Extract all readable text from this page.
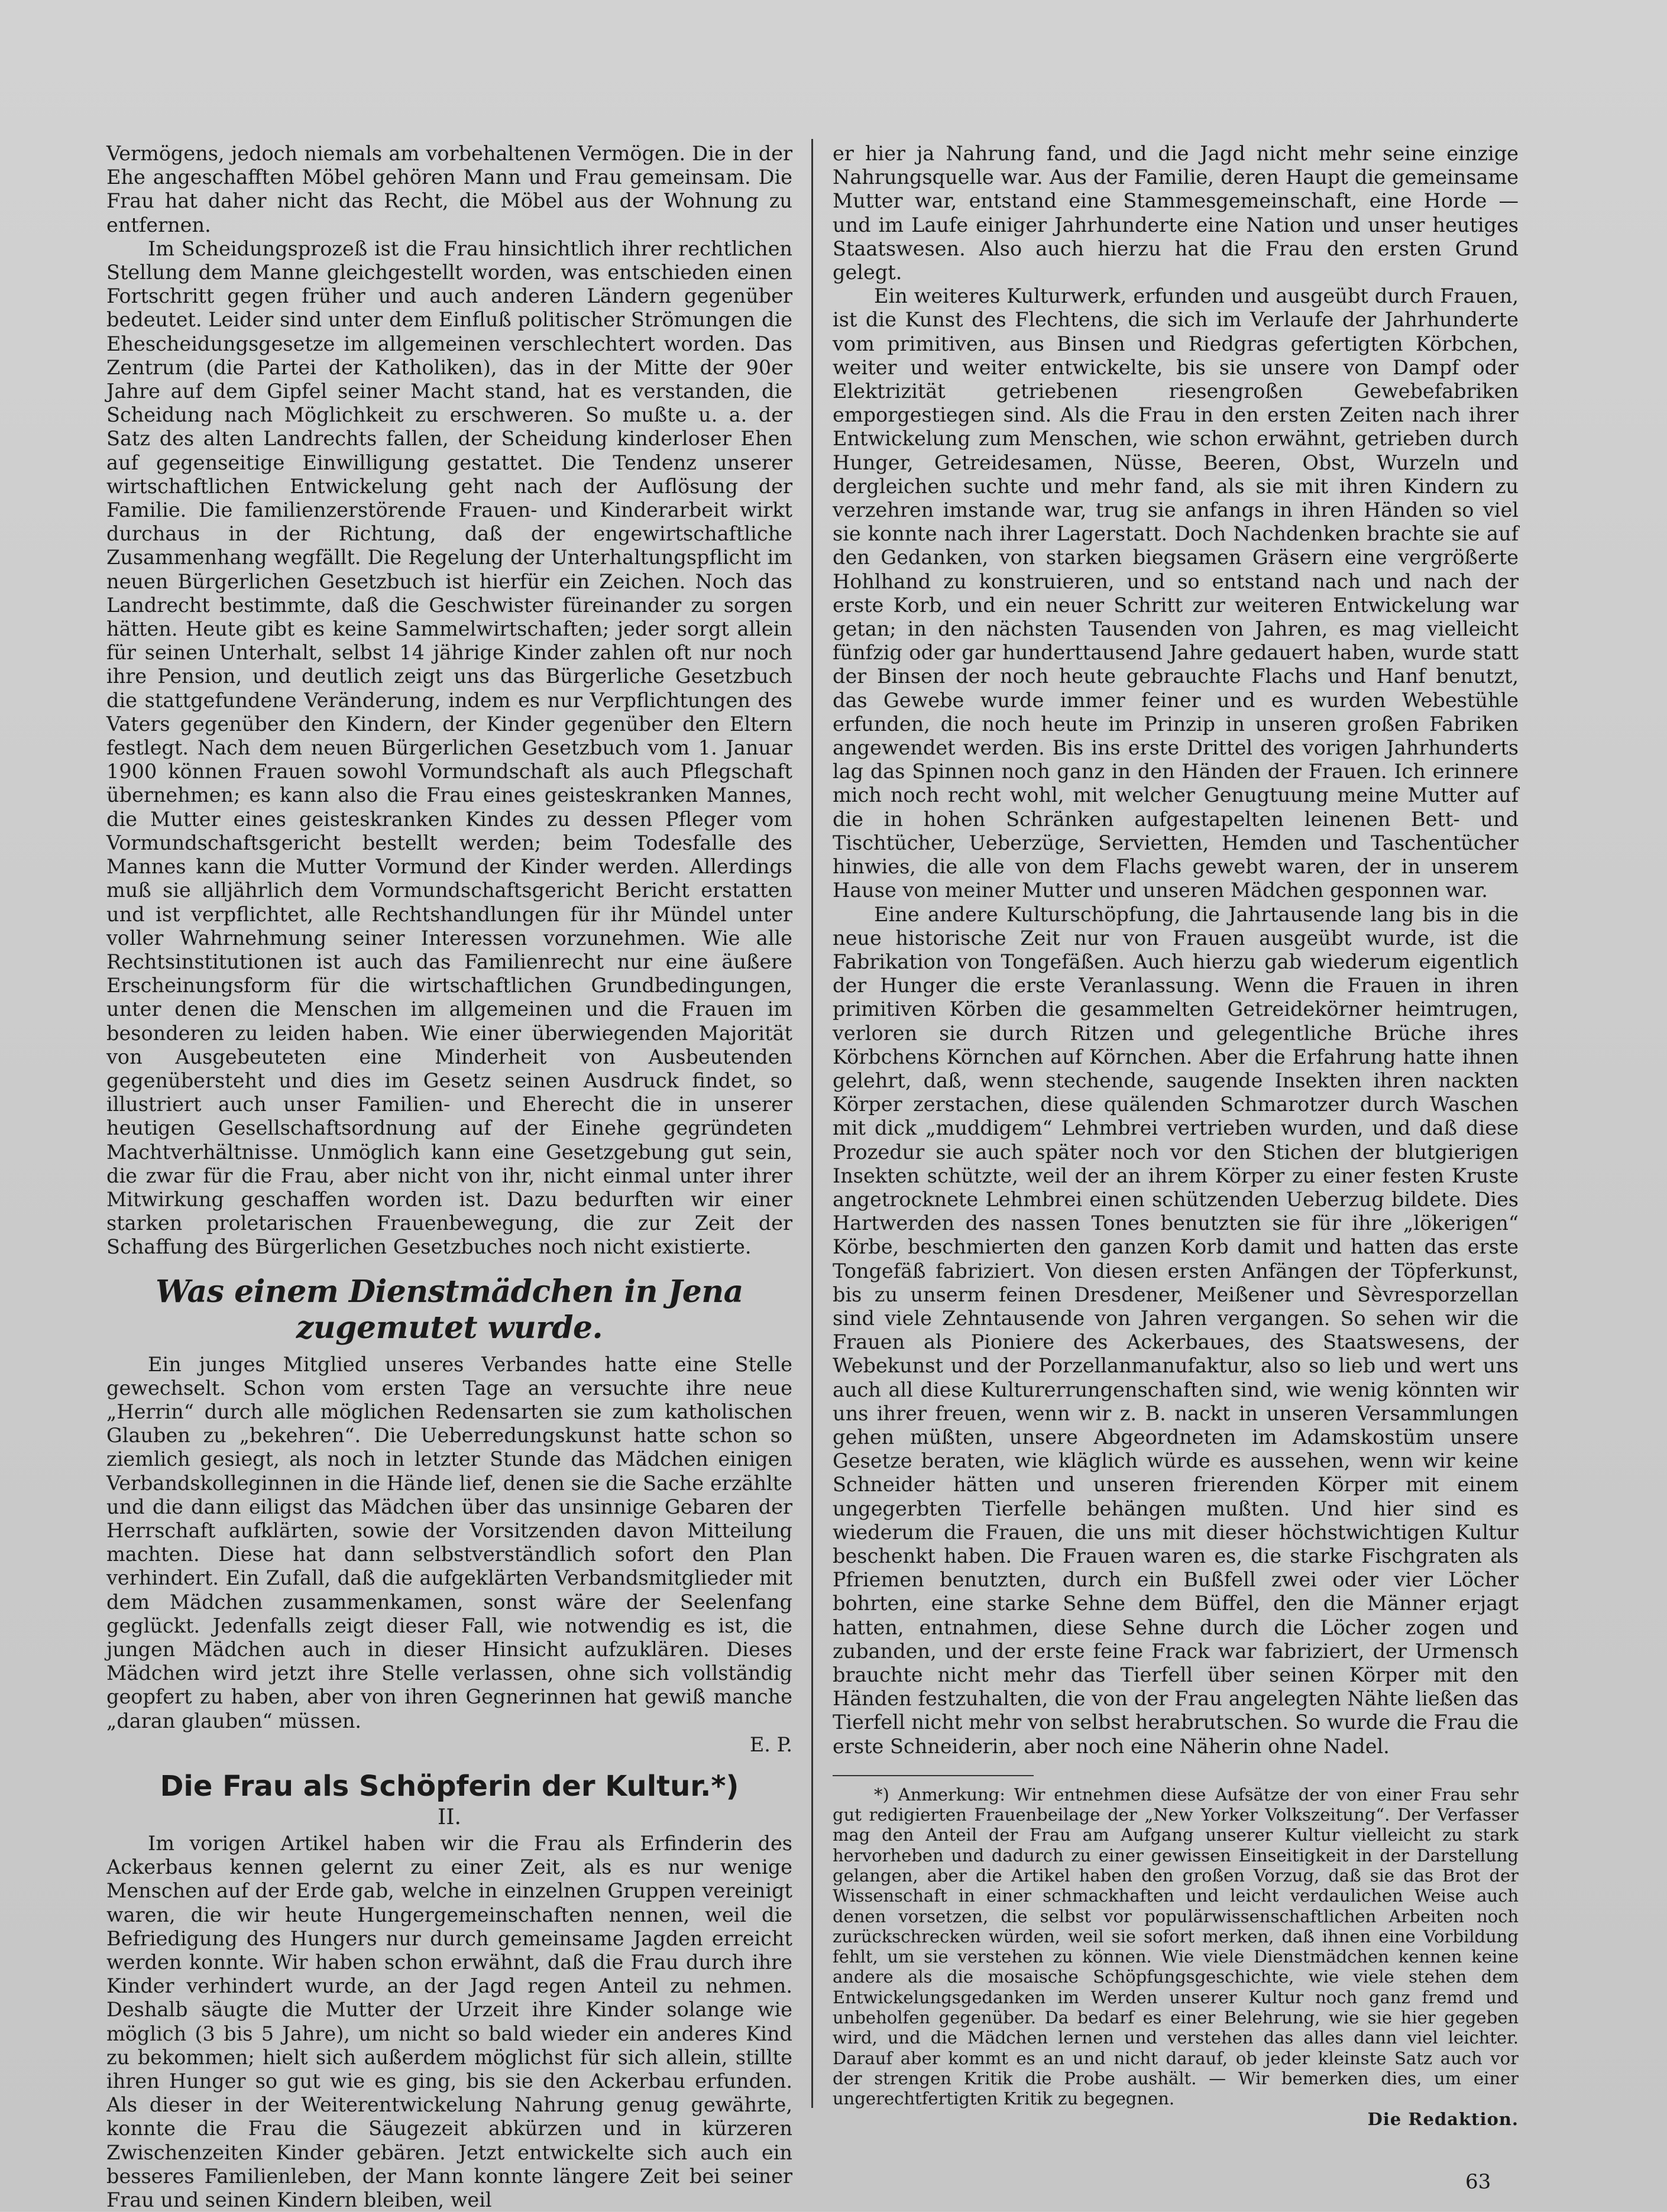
Vermögens, jedoch niemals am vorbehaltenen Vermögen. Die in der Ehe angeschafften Möbel gehören Mann und Frau gemeinsam. Die Frau hat daher nicht das Recht, die Möbel aus der Wohnung zu entfernen.

Im Scheidungsprozeß ist die Frau hinsichtlich ihrer rechtlichen Stellung dem Manne gleichgestellt worden, was entschieden einen Fortschritt gegen früher und auch anderen Ländern gegenüber bedeutet. Leider sind unter dem Einfluß politischer Strömungen die Ehescheidungsgesetze im allgemeinen verschlechtert worden. Das Zentrum (die Partei der Katholiken), das in der Mitte der 90er Jahre auf dem Gipfel seiner Macht stand, hat es verstanden, die Scheidung nach Möglichkeit zu erschweren. So mußte u. a. der Satz des alten Landrechts fallen, der Scheidung kinderloser Ehen auf gegenseitige Einwilligung gestattet. Die Tendenz unserer wirtschaftlichen Entwickelung geht nach der Auflösung der Familie. Die familienzerstörende Frauen- und Kinderarbeit wirkt durchaus in der Richtung, daß der engewirtschaftliche Zusammenhang wegfällt. Die Regelung der Unterhaltungspflicht im neuen Bürgerlichen Gesetzbuch ist hierfür ein Zeichen. Noch das Landrecht bestimmte, daß die Geschwister füreinander zu sorgen hätten. Heute gibt es keine Sammelwirtschaften; jeder sorgt allein für seinen Unterhalt, selbst 14 jährige Kinder zahlen oft nur noch ihre Pension, und deutlich zeigt uns das Bürgerliche Gesetzbuch die stattgefundene Veränderung, indem es nur Verpflichtungen des Vaters gegenüber den Kindern, der Kinder gegenüber den Eltern festlegt. Nach dem neuen Bürgerlichen Gesetzbuch vom 1. Januar 1900 können Frauen sowohl Vormundschaft als auch Pflegschaft übernehmen; es kann also die Frau eines geisteskranken Mannes, die Mutter eines geisteskranken Kindes zu dessen Pfleger vom Vormundschaftsgericht bestellt werden; beim Todesfalle des Mannes kann die Mutter Vormund der Kinder werden. Allerdings muß sie alljährlich dem Vormundschaftsgericht Bericht erstatten und ist verpflichtet, alle Rechtshandlungen für ihr Mündel unter voller Wahrnehmung seiner Interessen vorzunehmen. Wie alle Rechtsinstitutionen ist auch das Familienrecht nur eine äußere Erscheinungsform für die wirtschaftlichen Grundbedingungen, unter denen die Menschen im allgemeinen und die Frauen im besonderen zu leiden haben. Wie einer überwiegenden Majorität von Ausgebeuteten eine Minderheit von Ausbeutenden gegenübersteht und dies im Gesetz seinen Ausdruck findet, so illustriert auch unser Familien- und Eherecht die in unserer heutigen Gesellschaftsordnung auf der Einehe gegründeten Machtverhältnisse. Unmöglich kann eine Gesetzgebung gut sein, die zwar für die Frau, aber nicht von ihr, nicht einmal unter ihrer Mitwirkung geschaffen worden ist. Dazu bedurften wir einer starken proletarischen Frauenbewegung, die zur Zeit der Schaffung des Bürgerlichen Gesetzbuches noch nicht existierte.

Was einem Dienstmädchen in Jena zugemutet wurde.

Ein junges Mitglied unseres Verbandes hatte eine Stelle gewechselt. Schon vom ersten Tage an versuchte ihre neue „Herrin“ durch alle möglichen Redensarten sie zum katholischen Glauben zu „bekehren“. Die Ueberredungskunst hatte schon so ziemlich gesiegt, als noch in letzter Stunde das Mädchen einigen Verbandskolleginnen in die Hände lief, denen sie die Sache erzählte und die dann eiligst das Mädchen über das unsinnige Gebaren der Herrschaft aufklärten, sowie der Vorsitzenden davon Mitteilung machten. Diese hat dann selbstverständlich sofort den Plan verhindert. Ein Zufall, daß die aufgeklärten Verbandsmitglieder mit dem Mädchen zusammenkamen, sonst wäre der Seelenfang geglückt. Jedenfalls zeigt dieser Fall, wie notwendig es ist, die jungen Mädchen auch in dieser Hinsicht aufzuklären. Dieses Mädchen wird jetzt ihre Stelle verlassen, ohne sich vollständig geopfert zu haben, aber von ihren Gegnerinnen hat gewiß manche „daran glauben“ müssen.

E. P.

Die Frau als Schöpferin der Kultur.*)
II.

Im vorigen Artikel haben wir die Frau als Erfinderin des Ackerbaus kennen gelernt zu einer Zeit, als es nur wenige Menschen auf der Erde gab, welche in einzelnen Gruppen vereinigt waren, die wir heute Hungergemeinschaften nennen, weil die Befriedigung des Hungers nur durch gemeinsame Jagden erreicht werden konnte. Wir haben schon erwähnt, daß die Frau durch ihre Kinder verhindert wurde, an der Jagd regen Anteil zu nehmen. Deshalb säugte die Mutter der Urzeit ihre Kinder solange wie möglich (3 bis 5 Jahre), um nicht so bald wieder ein anderes Kind zu bekommen; hielt sich außerdem möglichst für sich allein, stillte ihren Hunger so gut wie es ging, bis sie den Ackerbau erfunden. Als dieser in der Weiterentwickelung Nahrung genug gewährte, konnte die Frau die Säugezeit abkürzen und in kürzeren Zwischenzeiten Kinder gebären. Jetzt entwickelte sich auch ein besseres Familienleben, der Mann konnte längere Zeit bei seiner Frau und seinen Kindern bleiben, weil

er hier ja Nahrung fand, und die Jagd nicht mehr seine einzige Nahrungsquelle war. Aus der Familie, deren Haupt die gemeinsame Mutter war, entstand eine Stammesgemeinschaft, eine Horde — und im Laufe einiger Jahrhunderte eine Nation und unser heutiges Staatswesen. Also auch hierzu hat die Frau den ersten Grund gelegt.

Ein weiteres Kulturwerk, erfunden und ausgeübt durch Frauen, ist die Kunst des Flechtens, die sich im Verlaufe der Jahrhunderte vom primitiven, aus Binsen und Riedgras gefertigten Körbchen, weiter und weiter entwickelte, bis sie unsere von Dampf oder Elektrizität getriebenen riesengroßen Gewebefabriken emporgestiegen sind. Als die Frau in den ersten Zeiten nach ihrer Entwickelung zum Menschen, wie schon erwähnt, getrieben durch Hunger, Getreidesamen, Nüsse, Beeren, Obst, Wurzeln und dergleichen suchte und mehr fand, als sie mit ihren Kindern zu verzehren imstande war, trug sie anfangs in ihren Händen so viel sie konnte nach ihrer Lagerstatt. Doch Nachdenken brachte sie auf den Gedanken, von starken biegsamen Gräsern eine vergrößerte Hohlhand zu konstruieren, und so entstand nach und nach der erste Korb, und ein neuer Schritt zur weiteren Entwickelung war getan; in den nächsten Tausenden von Jahren, es mag vielleicht fünfzig oder gar hunderttausend Jahre gedauert haben, wurde statt der Binsen der noch heute gebrauchte Flachs und Hanf benutzt, das Gewebe wurde immer feiner und es wurden Webestühle erfunden, die noch heute im Prinzip in unseren großen Fabriken angewendet werden. Bis ins erste Drittel des vorigen Jahrhunderts lag das Spinnen noch ganz in den Händen der Frauen. Ich erinnere mich noch recht wohl, mit welcher Genugtuung meine Mutter auf die in hohen Schränken aufgestapelten leinenen Bett- und Tischtücher, Ueberzüge, Servietten, Hemden und Taschentücher hinwies, die alle von dem Flachs gewebt waren, der in unserem Hause von meiner Mutter und unseren Mädchen gesponnen war.

Eine andere Kulturschöpfung, die Jahrtausende lang bis in die neue historische Zeit nur von Frauen ausgeübt wurde, ist die Fabrikation von Tongefäßen. Auch hierzu gab wiederum eigentlich der Hunger die erste Veranlassung. Wenn die Frauen in ihren primitiven Körben die gesammelten Getreidekörner heimtrugen, verloren sie durch Ritzen und gelegentliche Brüche ihres Körbchens Körnchen auf Körnchen. Aber die Erfahrung hatte ihnen gelehrt, daß, wenn stechende, saugende Insekten ihren nackten Körper zerstachen, diese quälenden Schmarotzer durch Waschen mit dick „muddigem“ Lehmbrei vertrieben wurden, und daß diese Prozedur sie auch später noch vor den Stichen der blutgierigen Insekten schützte, weil der an ihrem Körper zu einer festen Kruste angetrocknete Lehmbrei einen schützenden Ueberzug bildete. Dies Hartwerden des nassen Tones benutzten sie für ihre „lökerigen“ Körbe, beschmierten den ganzen Korb damit und hatten das erste Tongefäß fabriziert. Von diesen ersten Anfängen der Töpferkunst, bis zu unserm feinen Dresdener, Meißener und Sèvresporzellan sind viele Zehntausende von Jahren vergangen. So sehen wir die Frauen als Pioniere des Ackerbaues, des Staatswesens, der Webekunst und der Porzellanmanufaktur, also so lieb und wert uns auch all diese Kulturerrungenschaften sind, wie wenig könnten wir uns ihrer freuen, wenn wir z. B. nackt in unseren Versammlungen gehen müßten, unsere Abgeordneten im Adamskostüm unsere Gesetze beraten, wie kläglich würde es aussehen, wenn wir keine Schneider hätten und unseren frierenden Körper mit einem ungegerbten Tierfelle behängen mußten. Und hier sind es wiederum die Frauen, die uns mit dieser höchstwichtigen Kultur beschenkt haben. Die Frauen waren es, die starke Fischgraten als Pfriemen benutzten, durch ein Bußfell zwei oder vier Löcher bohrten, eine starke Sehne dem Büffel, den die Männer erjagt hatten, entnahmen, diese Sehne durch die Löcher zogen und zubanden, und der erste feine Frack war fabriziert, der Urmensch brauchte nicht mehr das Tierfell über seinen Körper mit den Händen festzuhalten, die von der Frau angelegten Nähte ließen das Tierfell nicht mehr von selbst herabrutschen. So wurde die Frau die erste Schneiderin, aber noch eine Näherin ohne Nadel.

*) Anmerkung: Wir entnehmen diese Aufsätze der von einer Frau sehr gut redigierten Frauenbeilage der „New Yorker Volkszeitung“. Der Verfasser mag den Anteil der Frau am Aufgang unserer Kultur vielleicht zu stark hervorheben und dadurch zu einer gewissen Einseitigkeit in der Darstellung gelangen, aber die Artikel haben den großen Vorzug, daß sie das Brot der Wissenschaft in einer schmackhaften und leicht verdaulichen Weise auch denen vorsetzen, die selbst vor populärwissenschaftlichen Arbeiten noch zurückschrecken würden, weil sie sofort merken, daß ihnen eine Vorbildung fehlt, um sie verstehen zu können. Wie viele Dienstmädchen kennen keine andere als die mosaische Schöpfungsgeschichte, wie viele stehen dem Entwickelungsgedanken im Werden unserer Kultur noch ganz fremd und unbeholfen gegenüber. Da bedarf es einer Belehrung, wie sie hier gegeben wird, und die Mädchen lernen und verstehen das alles dann viel leichter. Darauf aber kommt es an und nicht darauf, ob jeder kleinste Satz auch vor der strengen Kritik die Probe aushält. — Wir bemerken dies, um einer ungerechtfertigten Kritik zu begegnen.

Die Redaktion.

63
